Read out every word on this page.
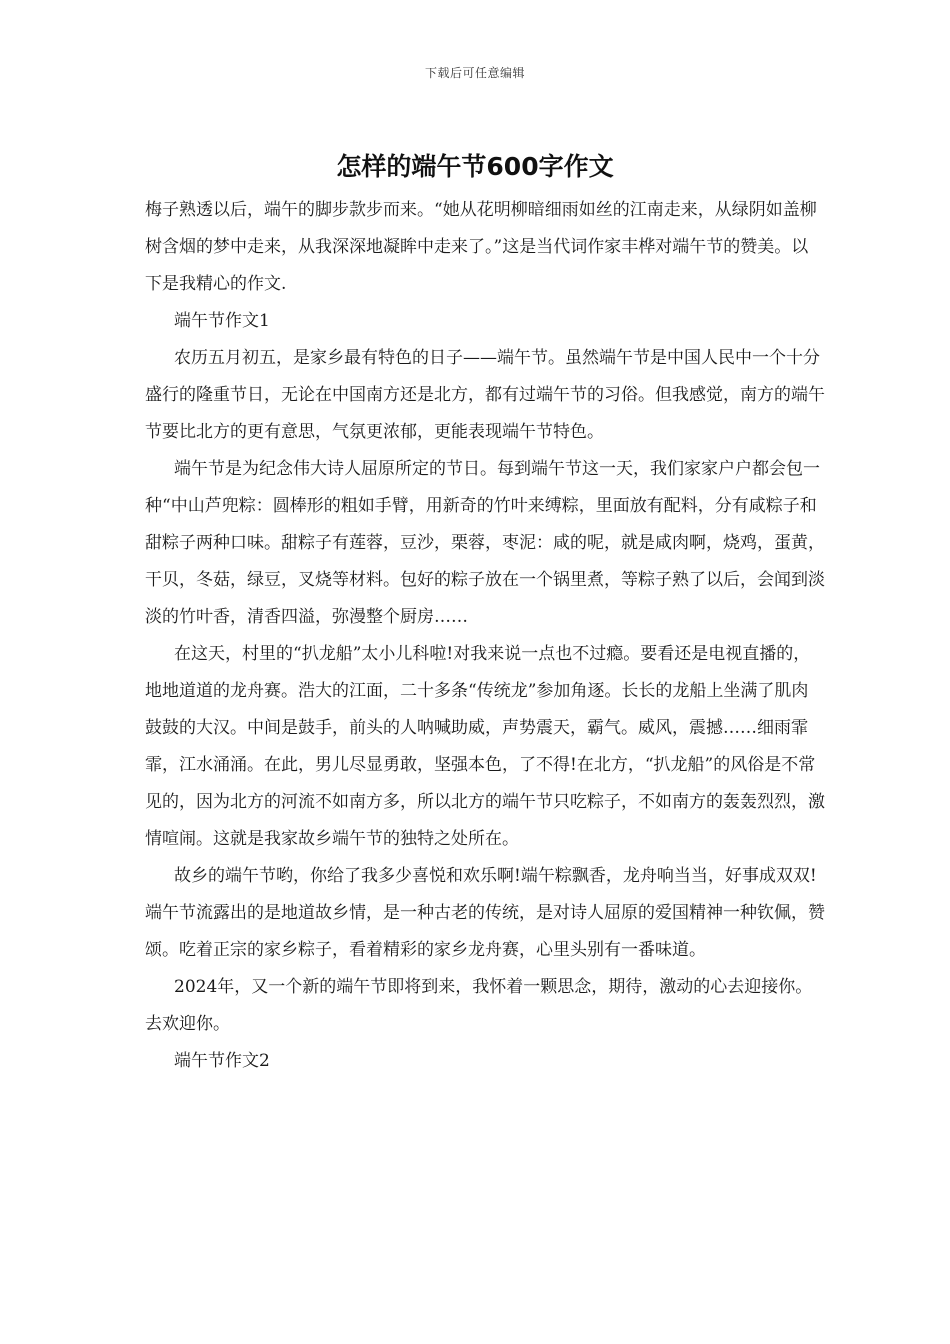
下载后可任意编辑
怎样的端午节600字作文

梅子熟透以后，端午的脚步款步而来。“她从花明柳暗细雨如丝的江南走来，从绿阴如盖柳树含烟的梦中走来，从我深深地凝眸中走来了。”这是当代词作家丰桦对端午节的赞美。以下是我精心的作文.

端午节作文1

农历五月初五，是家乡最有特色的日子——端午节。虽然端午节是中国人民中一个十分盛行的隆重节日，无论在中国南方还是北方，都有过端午节的习俗。但我感觉，南方的端午节要比北方的更有意思，气氛更浓郁，更能表现端午节特色。

端午节是为纪念伟大诗人屈原所定的节日。每到端午节这一天，我们家家户户都会包一种“中山芦兜粽：圆棒形的粗如手臂，用新奇的竹叶来缚粽，里面放有配料，分有咸粽子和甜粽子两种口味。甜粽子有莲蓉，豆沙，栗蓉，枣泥：咸的呢，就是咸肉啊，烧鸡，蛋黄，干贝，冬菇，绿豆，叉烧等材料。包好的粽子放在一个锅里煮，等粽子熟了以后，会闻到淡淡的竹叶香，清香四溢，弥漫整个厨房……

在这天，村里的“扒龙船”太小儿科啦!对我来说一点也不过瘾。要看还是电视直播的，地地道道的龙舟赛。浩大的江面，二十多条“传统龙”参加角逐。长长的龙船上坐满了肌肉鼓鼓的大汉。中间是鼓手，前头的人呐喊助威，声势震天，霸气。威风，震撼……细雨霏霏，江水涌涌。在此，男儿尽显勇敢，坚强本色，了不得!在北方，“扒龙船”的风俗是不常见的，因为北方的河流不如南方多，所以北方的端午节只吃粽子，不如南方的轰轰烈烈，激情喧闹。这就是我家故乡端午节的独特之处所在。

故乡的端午节哟，你给了我多少喜悦和欢乐啊!端午粽飘香，龙舟响当当，好事成双双!端午节流露出的是地道故乡情，是一种古老的传统，是对诗人屈原的爱国精神一种钦佩，赞颂。吃着正宗的家乡粽子，看着精彩的家乡龙舟赛，心里头别有一番味道。

2024年，又一个新的端午节即将到来，我怀着一颗思念，期待，激动的心去迎接你。去欢迎你。

端午节作文2
